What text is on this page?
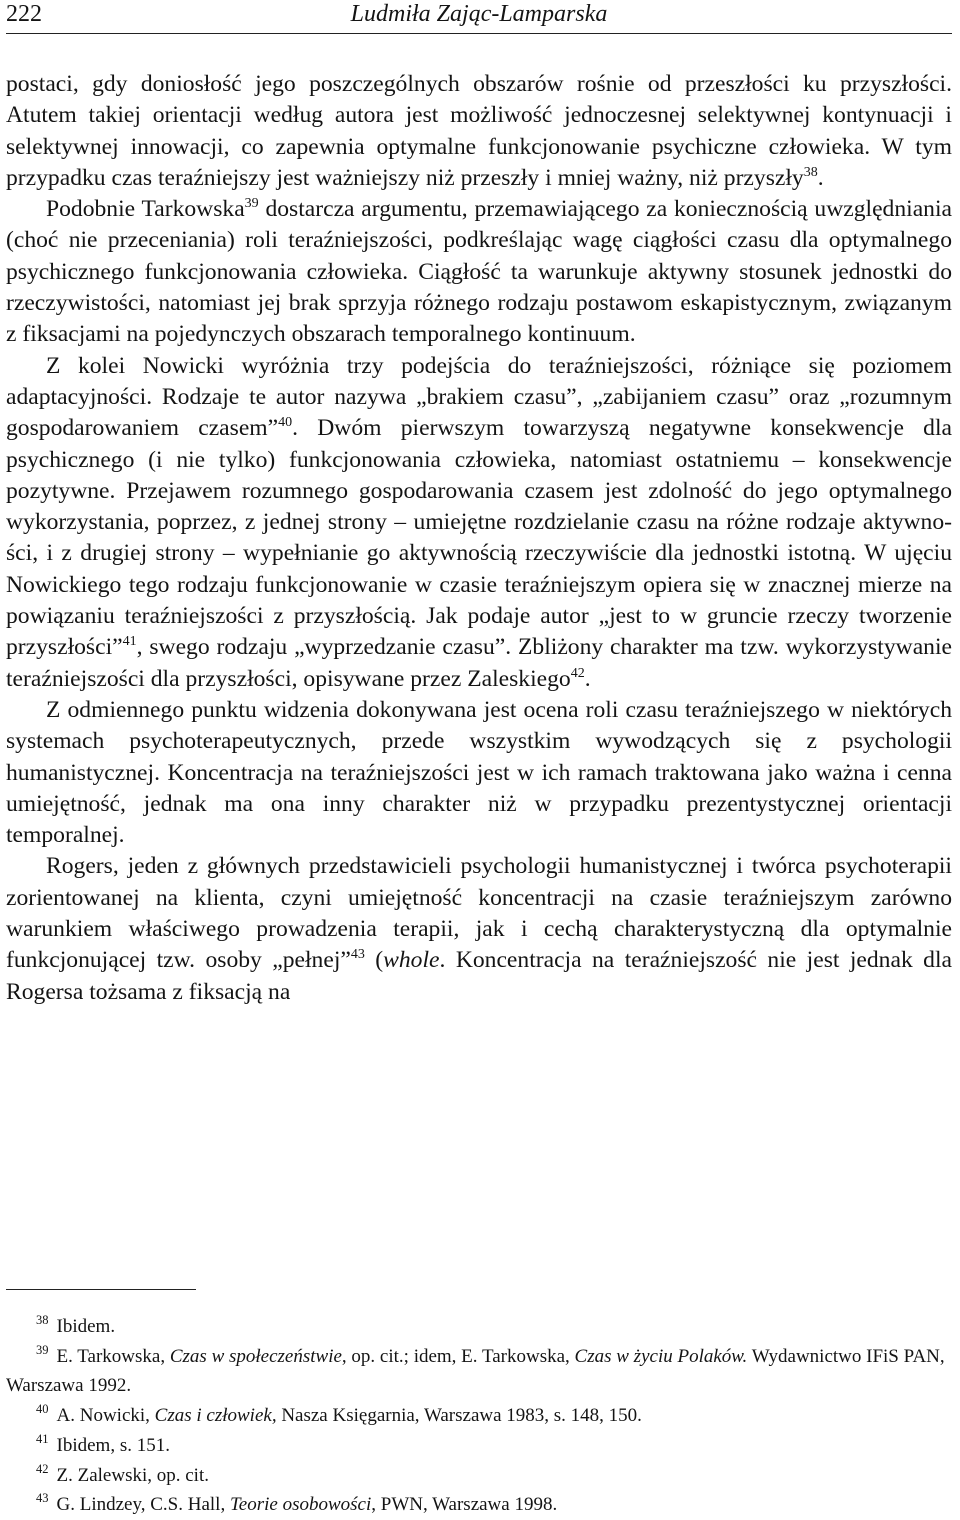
222	Ludmiła Zając-Lamparska

postaci, gdy doniosłość jego poszczególnych obszarów rośnie od przeszłości ku przyszłości. Atutem takiej orientacji według autora jest możliwość jednoczesnej selektywnej kontynuacji i selektywnej innowacji, co zapewnia optymalne funkcjonowanie psychiczne człowieka. W tym przypadku czas teraźniejszy jest ważniejszy niż przeszły i mniej ważny, niż przyszły$^{38}$.

Podobnie Tarkowska$^{39}$ dostarcza argumentu, przemawiającego za koniecznością uwzględniania (choć nie przeceniania) roli teraźniejszości, podkreślając wagę ciągłości czasu dla optymalnego psychicznego funkcjonowania człowieka. Ciągłość ta warunkuje aktywny stosunek jednostki do rzeczywistości, natomiast jej brak sprzyja różnego rodzaju postawom eskapistycznym, związanym z fiksacjami na pojedynczych obszarach temporalnego kontinuum.

Z kolei Nowicki wyróżnia trzy podejścia do teraźniejszości, różniące się poziomem adaptacyjności. Rodzaje te autor nazywa „brakiem czasu”, „zabijaniem czasu” oraz „rozumnym gospodarowaniem czasem”$^{40}$. Dwóm pierwszym towarzyszą negatywne konsekwencje dla psychicznego (i nie tylko) funkcjonowania człowieka, natomiast ostatniemu – konsekwencje pozytywne. Przejawem rozumnego gospodarowania czasem jest zdolność do jego optymalnego wykorzystania, poprzez, z jednej strony – umiejętne rozdzielanie czasu na różne rodzaje aktywności, i z drugiej strony – wypełnianie go aktywnością rzeczywiście dla jednostki istotną. W ujęciu Nowickiego tego rodzaju funkcjonowanie w czasie teraźniejszym opiera się w znacznej mierze na powiązaniu teraźniejszości z przyszłością. Jak podaje autor „jest to w gruncie rzeczy tworzenie przyszłości”$^{41}$, swego rodzaju „wyprzedzanie czasu”. Zbliżony charakter ma tzw. wykorzystywanie teraźniejszości dla przyszłości, opisywane przez Zaleskiego$^{42}$.

Z odmiennego punktu widzenia dokonywana jest ocena roli czasu teraźniejszego w niektórych systemach psychoterapeutycznych, przede wszystkim wywodzących się z psychologii humanistycznej. Koncentracja na teraźniejszości jest w ich ramach traktowana jako ważna i cenna umiejętność, jednak ma ona inny charakter niż w przypadku prezentystycznej orientacji temporalnej.

Rogers, jeden z głównych przedstawicieli psychologii humanistycznej i twórca psychoterapii zorientowanej na klienta, czyni umiejętność koncentracji na czasie teraźniejszym zarówno warunkiem właściwego prowadzenia terapii, jak i cechą charakterystyczną dla optymalnie funkcjonującej tzw. osoby „pełnej”$^{43}$ (whole. Koncentracja na teraźniejszość nie jest jednak dla Rogersa tożsama z fiksacją na

$^{38}$ Ibidem.

$^{39}$ E. Tarkowska, Czas w społeczeństwie, op. cit.; idem, E. Tarkowska, Czas w życiu Polaków. Wydawnictwo IFiS PAN, Warszawa 1992.

$^{40}$ A. Nowicki, Czas i człowiek, Nasza Księgarnia, Warszawa 1983, s. 148, 150.

$^{41}$ Ibidem, s. 151.

$^{42}$ Z. Zalewski, op. cit.

$^{43}$ G. Lindzey, C.S. Hall, Teorie osobowości, PWN, Warszawa 1998.
